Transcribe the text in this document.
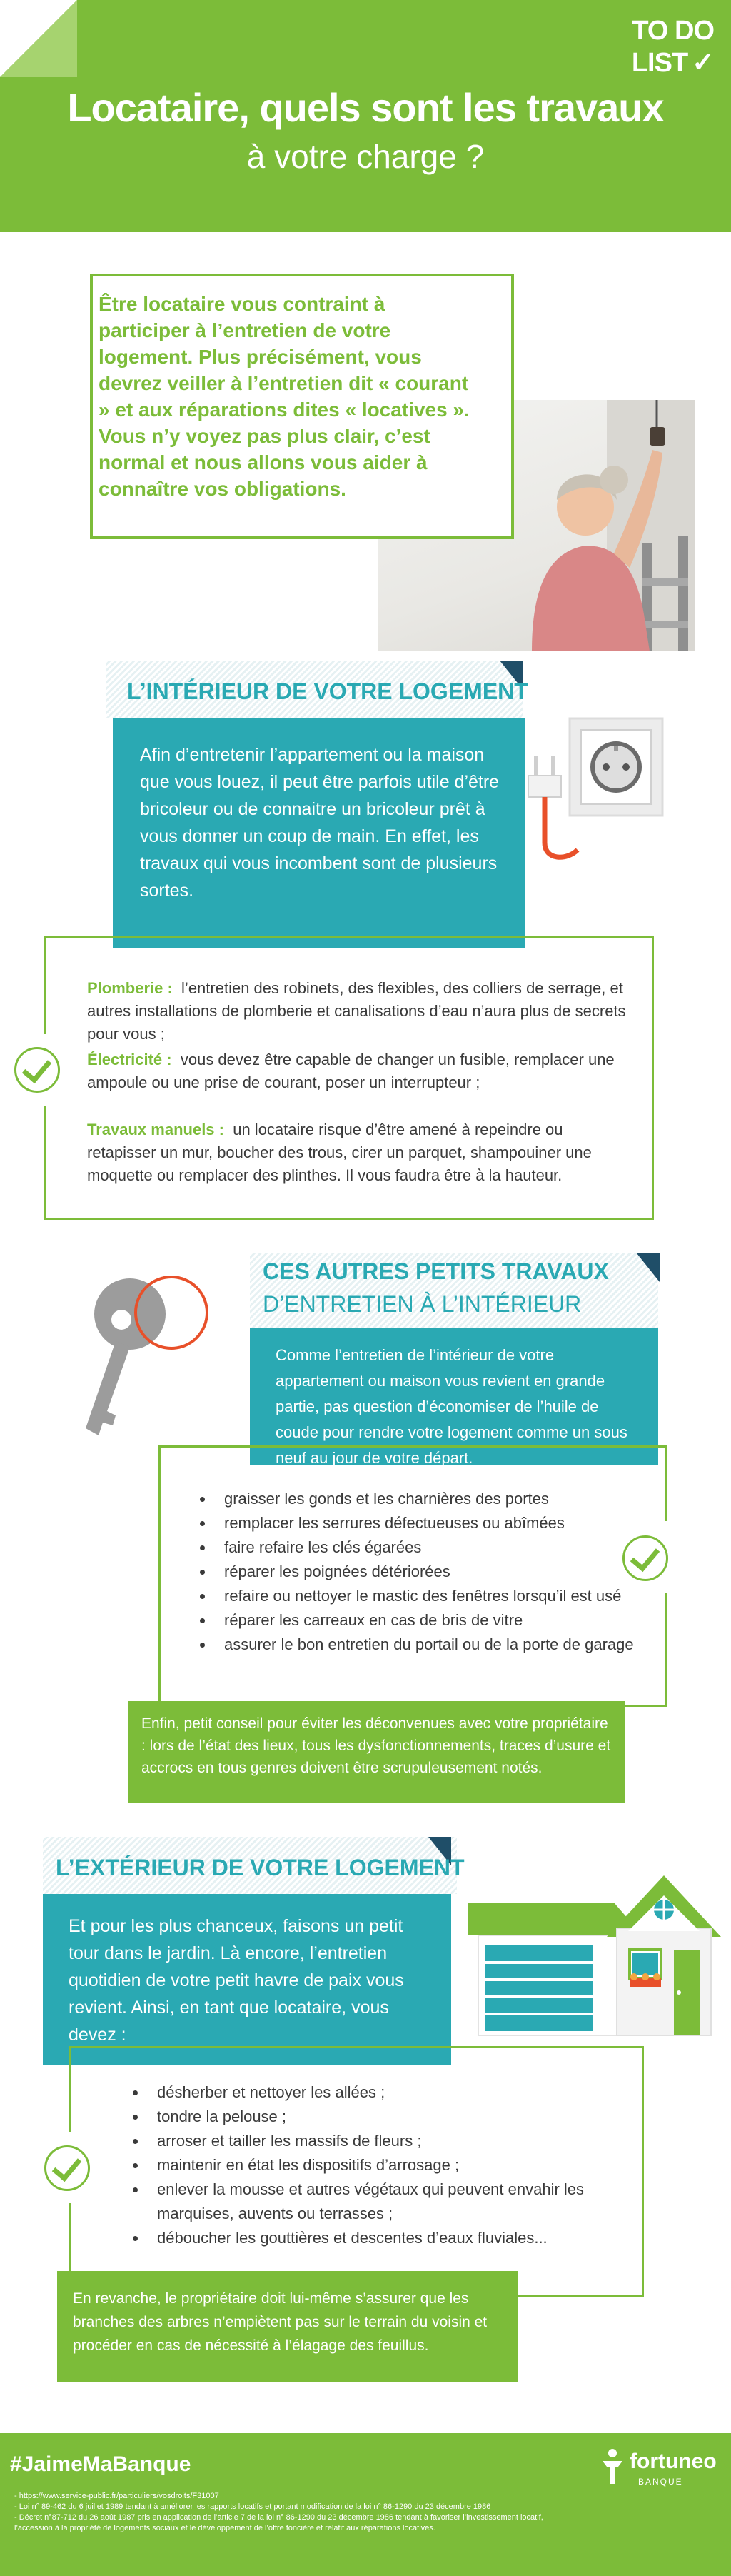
TO DO LIST ✓
Locataire, quels sont les travaux
à votre charge ?
Être locataire vous contraint à participer à l’entretien de votre logement. Plus précisément, vous devrez veiller à l’entretien dit « courant » et aux réparations dites « locatives ». Vous n’y voyez pas plus clair, c’est normal et nous allons vous aider à connaître vos obligations.
L’INTÉRIEUR DE VOTRE LOGEMENT
Afin d’entretenir l’appartement ou la maison que vous louez, il peut être parfois utile d’être bricoleur ou de connaitre un bricoleur prêt à vous donner un coup de main. En effet, les travaux qui vous incombent sont de plusieurs sortes.
Plomberie : l’entretien des robinets, des flexibles, des colliers de serrage, et autres installations de plomberie et canalisations d’eau n’aura plus de secrets pour vous ;
Électricité : vous devez être capable de changer un fusible, remplacer une ampoule ou une prise de courant, poser un interrupteur ;
Travaux manuels : un locataire risque d’être amené à repeindre ou retapisser un mur, boucher des trous, cirer un parquet, shampouiner une moquette ou remplacer des plinthes. Il vous faudra être à la hauteur.
CES AUTRES PETITS TRAVAUX
D’ENTRETIEN À L’INTÉRIEUR
Comme l’entretien de l’intérieur de votre appartement ou maison vous revient en grande partie, pas question d’économiser de l’huile de coude pour rendre votre logement comme un sous neuf au jour de votre départ.
• graisser les gonds et les charnières des portes
• remplacer les serrures défectueuses ou abîmées
• faire refaire les clés égarées
• réparer les poignées détériorées
• refaire ou nettoyer le mastic des fenêtres lorsqu’il est usé
• réparer les carreaux en cas de bris de vitre
• assurer le bon entretien du portail ou de la porte de garage
Enfin, petit conseil pour éviter les déconvenues avec votre propriétaire : lors de l’état des lieux, tous les dysfonctionnements, traces d’usure et accrocs en tous genres doivent être scrupuleusement notés.
L’EXTÉRIEUR DE VOTRE LOGEMENT
Et pour les plus chanceux, faisons un petit tour dans le jardin. Là encore, l’entretien quotidien de votre petit havre de paix vous revient. Ainsi, en tant que locataire, vous devez :
• désherber et nettoyer les allées ;
• tondre la pelouse ;
• arroser et tailler les massifs de fleurs ;
• maintenir en état les dispositifs d’arrosage ;
• enlever la mousse et autres végétaux qui peuvent envahir les marquises, auvents ou terrasses ;
• déboucher les gouttières et descentes d’eaux fluviales...
En revanche, le propriétaire doit lui-même s’assurer que les branches des arbres n’empiètent pas sur le terrain du voisin et procéder en cas de nécessité à l’élagage des feuillus.
#JaimeMaBanque
- https://www.service-public.fr/particuliers/vosdroits/F31007
- Loi n° 89-462 du 6 juillet 1989 tendant à améliorer les rapports locatifs et portant modification de la loi n° 86-1290 du 23 décembre 1986
- Décret n°87-712 du 26 août 1987 pris en application de l’article 7 de la loi n° 86-1290 du 23 décembre 1986 tendant à favoriser l’investissement locatif,
l’accession à la propriété de logements sociaux et le développement de l’offre foncière et relatif aux réparations locatives.
fortuneo
BANQUE
